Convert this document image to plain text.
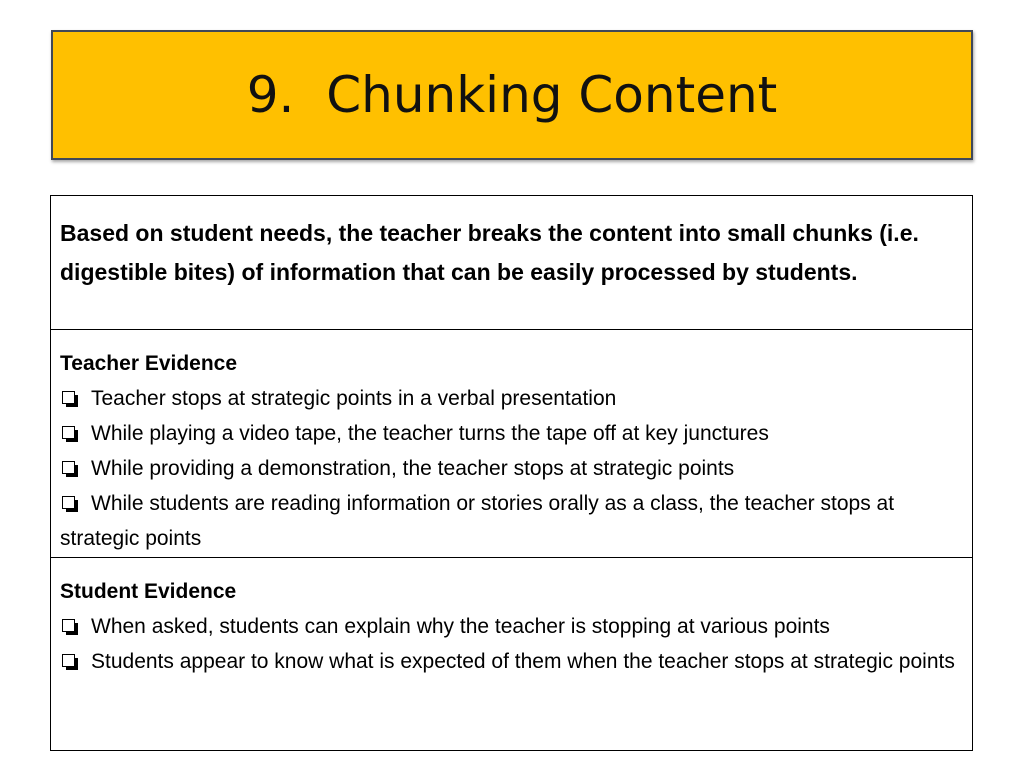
9.  Chunking Content

Based on student needs, the teacher breaks the content into small chunks (i.e. digestible bites) of information that can be easily processed by students.

Teacher Evidence

Teacher stops at strategic points in a verbal presentation

While playing a video tape, the teacher turns the tape off at key junctures

While providing a demonstration, the teacher stops at strategic points

While students are reading information or stories orally as a class, the teacher stops at strategic points

Student Evidence

When asked, students can explain why the teacher is stopping at various points

Students appear to know what is expected of them when the teacher stops at strategic points
